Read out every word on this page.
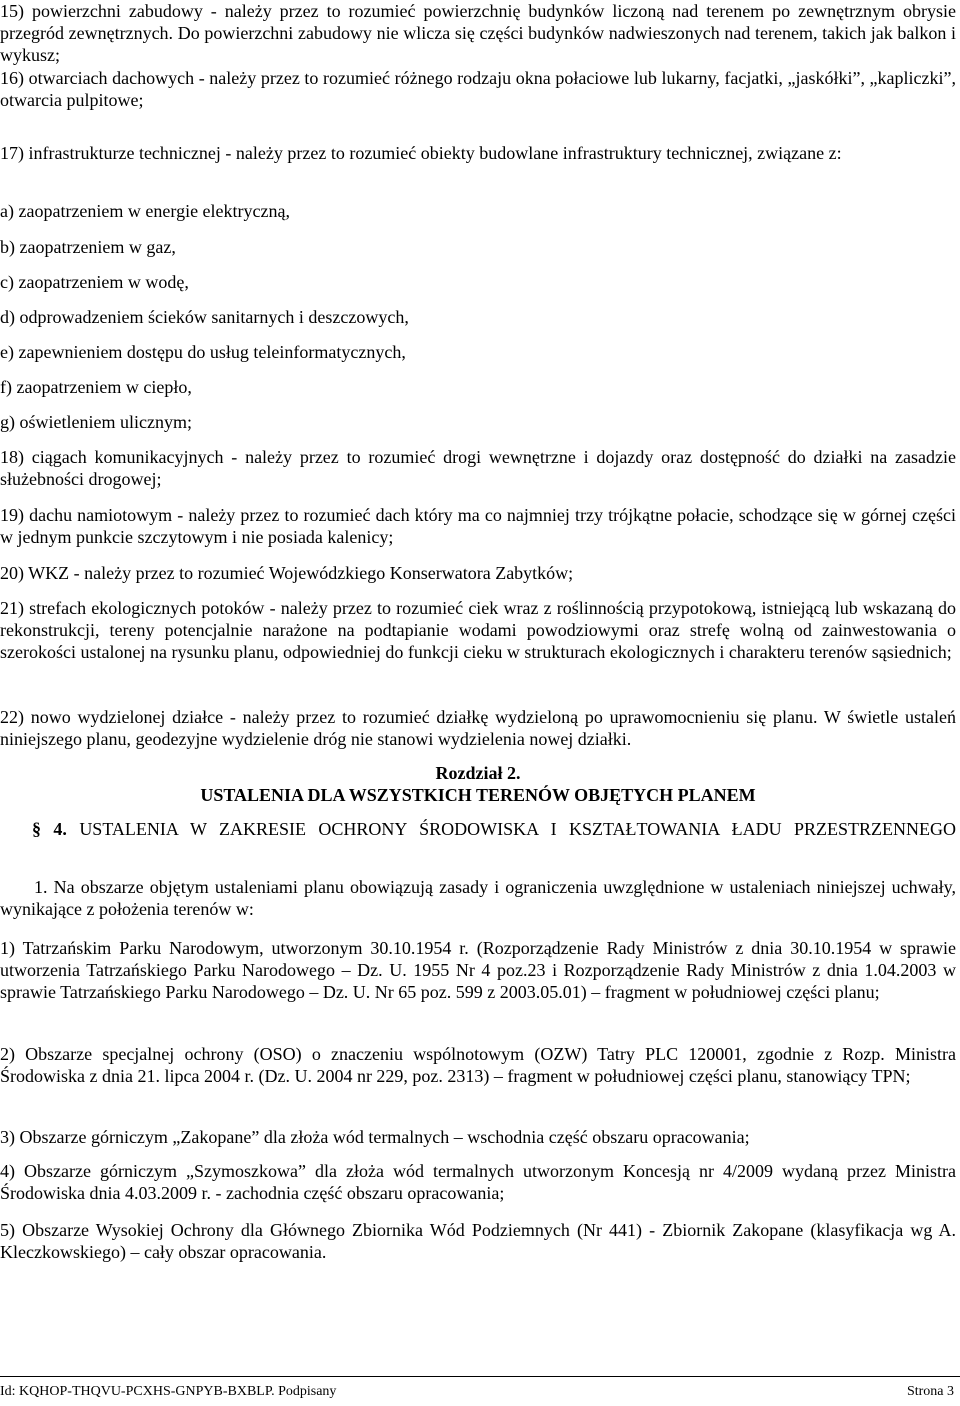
15) powierzchni zabudowy - należy przez to rozumieć powierzchnię budynków liczoną nad terenem po zewnętrznym obrysie przegród zewnętrznych. Do powierzchni zabudowy nie wlicza się części budynków nadwieszonych nad terenem, takich jak balkon i wykusz;

16) otwarciach dachowych - należy przez to rozumieć różnego rodzaju okna połaciowe lub lukarny, facjatki, „jaskółki”, „kapliczki”, otwarcia pulpitowe;

17) infrastrukturze technicznej - należy przez to rozumieć obiekty budowlane infrastruktury technicznej, związane z:

a) zaopatrzeniem w energie elektryczną,

b) zaopatrzeniem w gaz,

c) zaopatrzeniem w wodę,

d) odprowadzeniem ścieków sanitarnych i deszczowych,

e) zapewnieniem dostępu do usług teleinformatycznych,

f) zaopatrzeniem w ciepło,

g) oświetleniem ulicznym;

18) ciągach komunikacyjnych - należy przez to rozumieć drogi wewnętrzne i dojazdy oraz dostępność do działki na zasadzie służebności drogowej;

19) dachu namiotowym - należy przez to rozumieć dach który ma co najmniej trzy trójkątne połacie, schodzące się w górnej części w jednym punkcie szczytowym i nie posiada kalenicy;

20) WKZ - należy przez to rozumieć Wojewódzkiego Konserwatora Zabytków;

21) strefach ekologicznych potoków - należy przez to rozumieć ciek wraz z roślinnością przypotokową, istniejącą lub wskazaną do rekonstrukcji, tereny potencjalnie narażone na podtapianie wodami powodziowymi oraz strefę wolną od zainwestowania o szerokości ustalonej na rysunku planu, odpowiedniej do funkcji cieku w strukturach ekologicznych i charakteru terenów sąsiednich;

22) nowo wydzielonej działce - należy przez to rozumieć działkę wydzieloną po uprawomocnieniu się planu. W świetle ustaleń niniejszego planu, geodezyjne wydzielenie dróg nie stanowi wydzielenia nowej działki.

Rozdział 2.

USTALENIA DLA WSZYSTKICH TERENÓW OBJĘTYCH PLANEM

§ 4. USTALENIA W ZAKRESIE OCHRONY ŚRODOWISKA I KSZTAŁTOWANIA ŁADU PRZESTRZENNEGO

1. Na obszarze objętym ustaleniami planu obowiązują zasady i ograniczenia uwzględnione w ustaleniach niniejszej uchwały, wynikające z położenia terenów w:

1) Tatrzańskim Parku Narodowym, utworzonym 30.10.1954 r. (Rozporządzenie Rady Ministrów z dnia 30.10.1954 w sprawie utworzenia Tatrzańskiego Parku Narodowego – Dz. U. 1955 Nr 4 poz.23 i Rozporządzenie Rady Ministrów z dnia 1.04.2003 w sprawie Tatrzańskiego Parku Narodowego – Dz. U. Nr 65 poz. 599 z 2003.05.01) – fragment w południowej części planu;

2) Obszarze specjalnej ochrony (OSO) o znaczeniu wspólnotowym (OZW) Tatry PLC 120001, zgodnie z Rozp. Ministra Środowiska z dnia 21. lipca 2004 r. (Dz. U. 2004 nr 229, poz. 2313) – fragment w południowej części planu, stanowiący TPN;

3) Obszarze górniczym „Zakopane” dla złoża wód termalnych – wschodnia część obszaru opracowania;

4) Obszarze górniczym „Szymoszkowa” dla złoża wód termalnych utworzonym Koncesją nr 4/2009 wydaną przez Ministra Środowiska dnia 4.03.2009 r. - zachodnia część obszaru opracowania;

5) Obszarze Wysokiej Ochrony dla Głównego Zbiornika Wód Podziemnych (Nr 441) - Zbiornik Zakopane (klasyfikacja wg A. Kleczkowskiego) – cały obszar opracowania.

Id: KQHOP-THQVU-PCXHS-GNPYB-BXBLP. Podpisany	Strona 3
